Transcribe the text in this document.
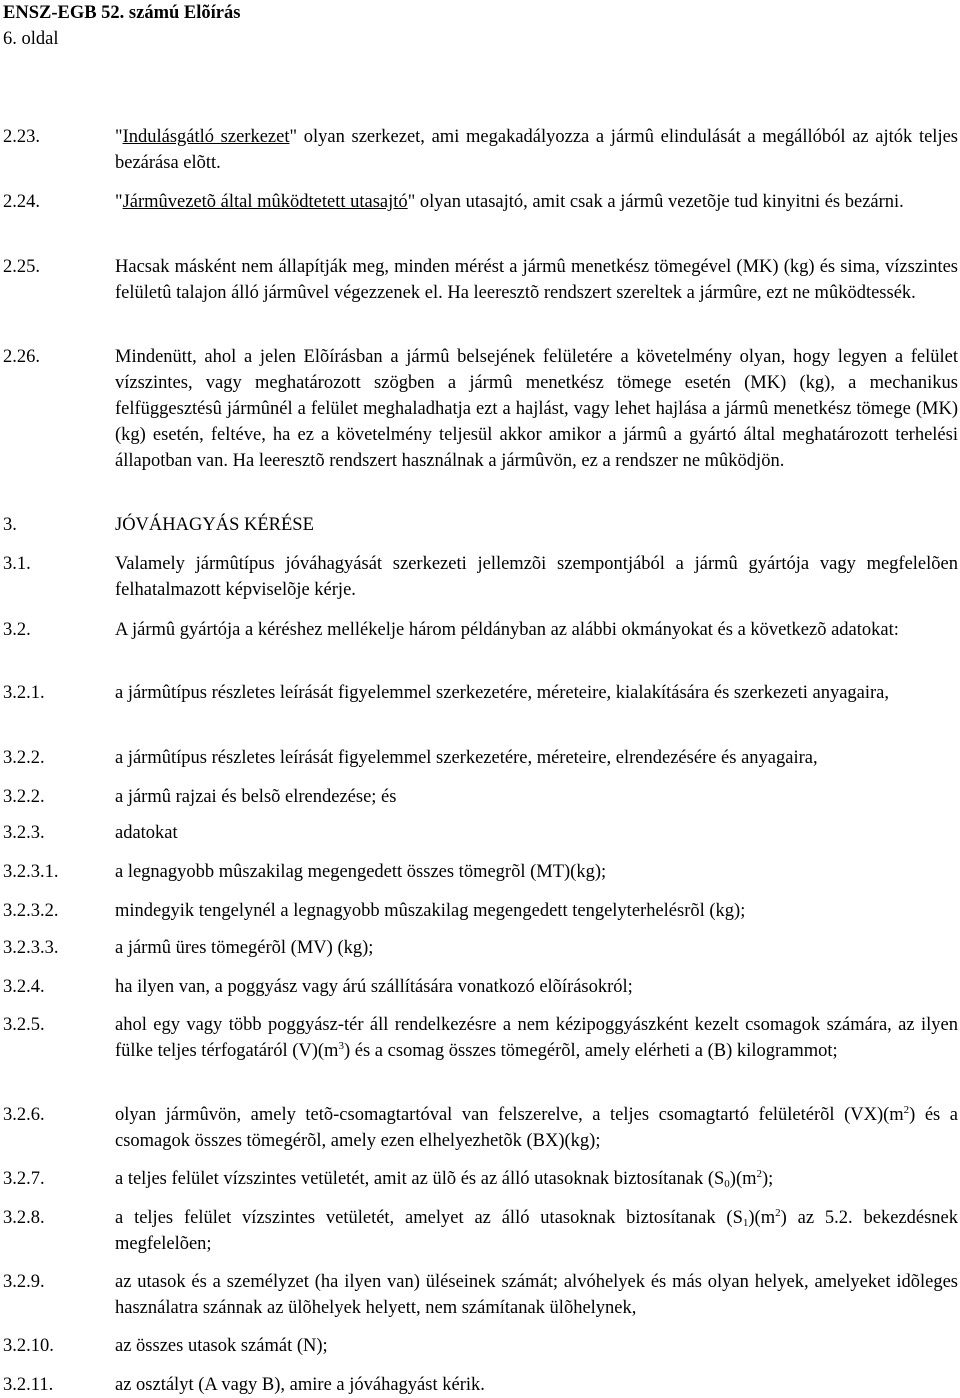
ENSZ-EGB 52. számú Elõírás
6. oldal
2.23.	"Indulásgátló szerkezet" olyan szerkezet, ami megakadályozza a jármû elindulását a megállóból az ajtók teljes bezárása elõtt.
2.24.	"Jármûvezetõ által mûködtetett utasajtó" olyan utasajtó, amit csak a jármû vezetõje tud kinyitni és bezárni.
2.25.	Hacsak másként nem állapítják meg, minden mérést a jármû menetkész tömegével (MK) (kg) és sima, vízszintes felületû talajon álló jármûvel végezzenek el. Ha leeresztõ rendszert szereltek a jármûre, ezt ne mûködtessék.
2.26.	Mindenütt, ahol a jelen Elõírásban a jármû belsejének felületére a követelmény olyan, hogy legyen a felület vízszintes, vagy meghatározott szögben a jármû menetkész tömege esetén (MK) (kg), a mechanikus felfüggesztésû jármûnél a felület meghaladhatja ezt a hajlást, vagy lehet hajlása a jármû menetkész tömege (MK) (kg) esetén, feltéve, ha ez a követelmény teljesül akkor amikor a jármû a gyártó által meghatározott terhelési állapotban van. Ha leeresztõ rendszert használnak a jármûvön, ez a rendszer ne mûködjön.
3.	JÓVÁHAGYÁS KÉRÉSE
3.1.	Valamely jármûtípus jóváhagyását szerkezeti jellemzõi szempontjából a jármû gyártója vagy megfelelõen felhatalmazott képviselõje kérje.
3.2.	A jármû gyártója a kéréshez mellékelje három példányban az alábbi okmányokat és a következõ adatokat:
3.2.1.	a jármûtípus részletes leírását figyelemmel szerkezetére, méreteire, kialakítására és szerkezeti anyagaira,
3.2.2.	a jármûtípus részletes leírását figyelemmel szerkezetére, méreteire, elrendezésére és anyagaira,
3.2.2.	a jármû rajzai és belsõ elrendezése; és
3.2.3.	adatokat
3.2.3.1.	a legnagyobb mûszakilag megengedett összes tömegrõl (MT)(kg);
3.2.3.2.	mindegyik tengelynél a legnagyobb mûszakilag megengedett tengelyterhelésrõl (kg);
3.2.3.3.	a jármû üres tömegérõl (MV) (kg);
3.2.4.	ha ilyen van, a poggyász vagy árú szállítására vonatkozó elõírásokról;
3.2.5.	ahol egy vagy több poggyász-tér áll rendelkezésre a nem kézipoggyászként kezelt csomagok számára, az ilyen fülke teljes térfogatáról $(V)(m^3)$ és a csomag összes tömegérõl, amely elérheti a (B) kilogrammot;
3.2.6.	olyan jármûvön, amely tetõ-csomagtartóval van felszerelve, a teljes csomagtartó felületérõl $(VX)(m^2)$ és a csomagok összes tömegérõl, amely ezen elhelyezhetõk (BX)(kg);
3.2.7.	a teljes felület vízszintes vetületét, amit az ülõ és az álló utasoknak biztosítanak $(S_0)(m^2)$;
3.2.8.	a teljes felület vízszintes vetületét, amelyet az álló utasoknak biztosítanak $(S_1)(m^2)$ az 5.2. bekezdésnek megfelelõen;
3.2.9.	az utasok és a személyzet (ha ilyen van) üléseinek számát; alvóhelyek és más olyan helyek, amelyeket idõleges használatra szánnak az ülõhelyek helyett, nem számítanak ülõhelynek,
3.2.10.	az összes utasok számát (N);
3.2.11.	az osztályt (A vagy B), amire a jóváhagyást kérik.
